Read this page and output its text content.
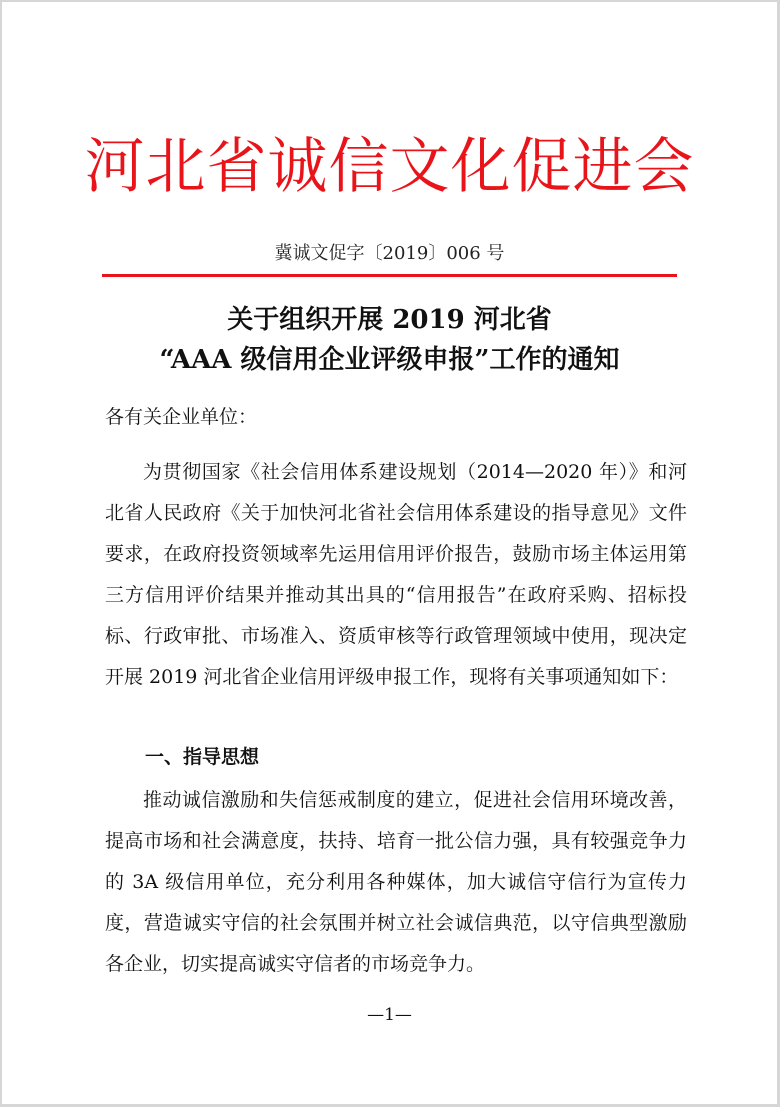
河北省诚信文化促进会
冀诚文促字〔2019〕006 号
关于组织开展 2019 河北省
“AAA 级信用企业评级申报”工作的通知
各有关企业单位：

为贯彻国家《社会信用体系建设规划（2014—2020 年）》和河北省人民政府《关于加快河北省社会信用体系建设的指导意见》文件要求，在政府投资领域率先运用信用评价报告，鼓励市场主体运用第三方信用评价结果并推动其出具的“信用报告”在政府采购、招标投标、行政审批、市场准入、资质审核等行政管理领域中使用，现决定开展 2019 河北省企业信用评级申报工作，现将有关事项通知如下：

一、指导思想

推动诚信激励和失信惩戒制度的建立，促进社会信用环境改善，提高市场和社会满意度，扶持、培育一批公信力强，具有较强竞争力的 3A 级信用单位，充分利用各种媒体，加大诚信守信行为宣传力度，营造诚实守信的社会氛围并树立社会诚信典范，以守信典型激励各企业，切实提高诚实守信者的市场竞争力。

—1—
